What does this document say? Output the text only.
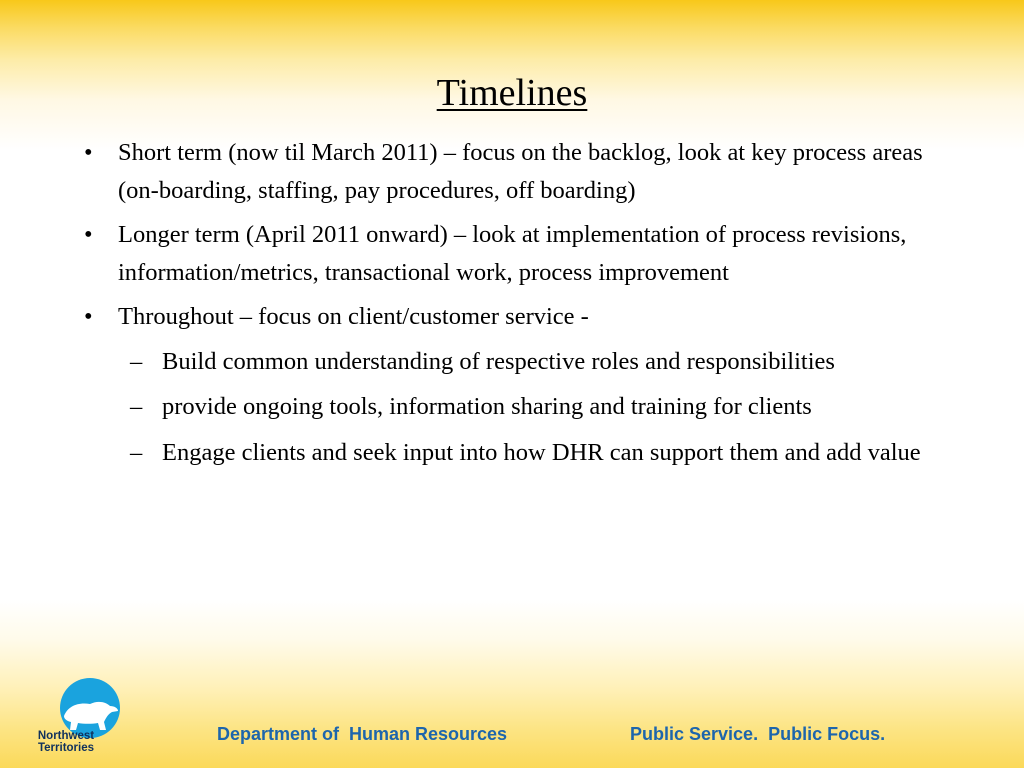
Timelines
• Short term (now til March 2011) – focus on the backlog, look at key process areas (on-boarding, staffing, pay procedures, off boarding)
• Longer term (April 2011 onward) – look at implementation of process revisions, information/metrics, transactional work, process improvement
• Throughout – focus on client/customer service -
– Build common understanding of respective roles and responsibilities
– provide ongoing tools, information sharing and training for clients
– Engage clients and seek input into how DHR can support them and add value
Northwest
Territories
Department of  Human Resources	Public Service.  Public Focus.
